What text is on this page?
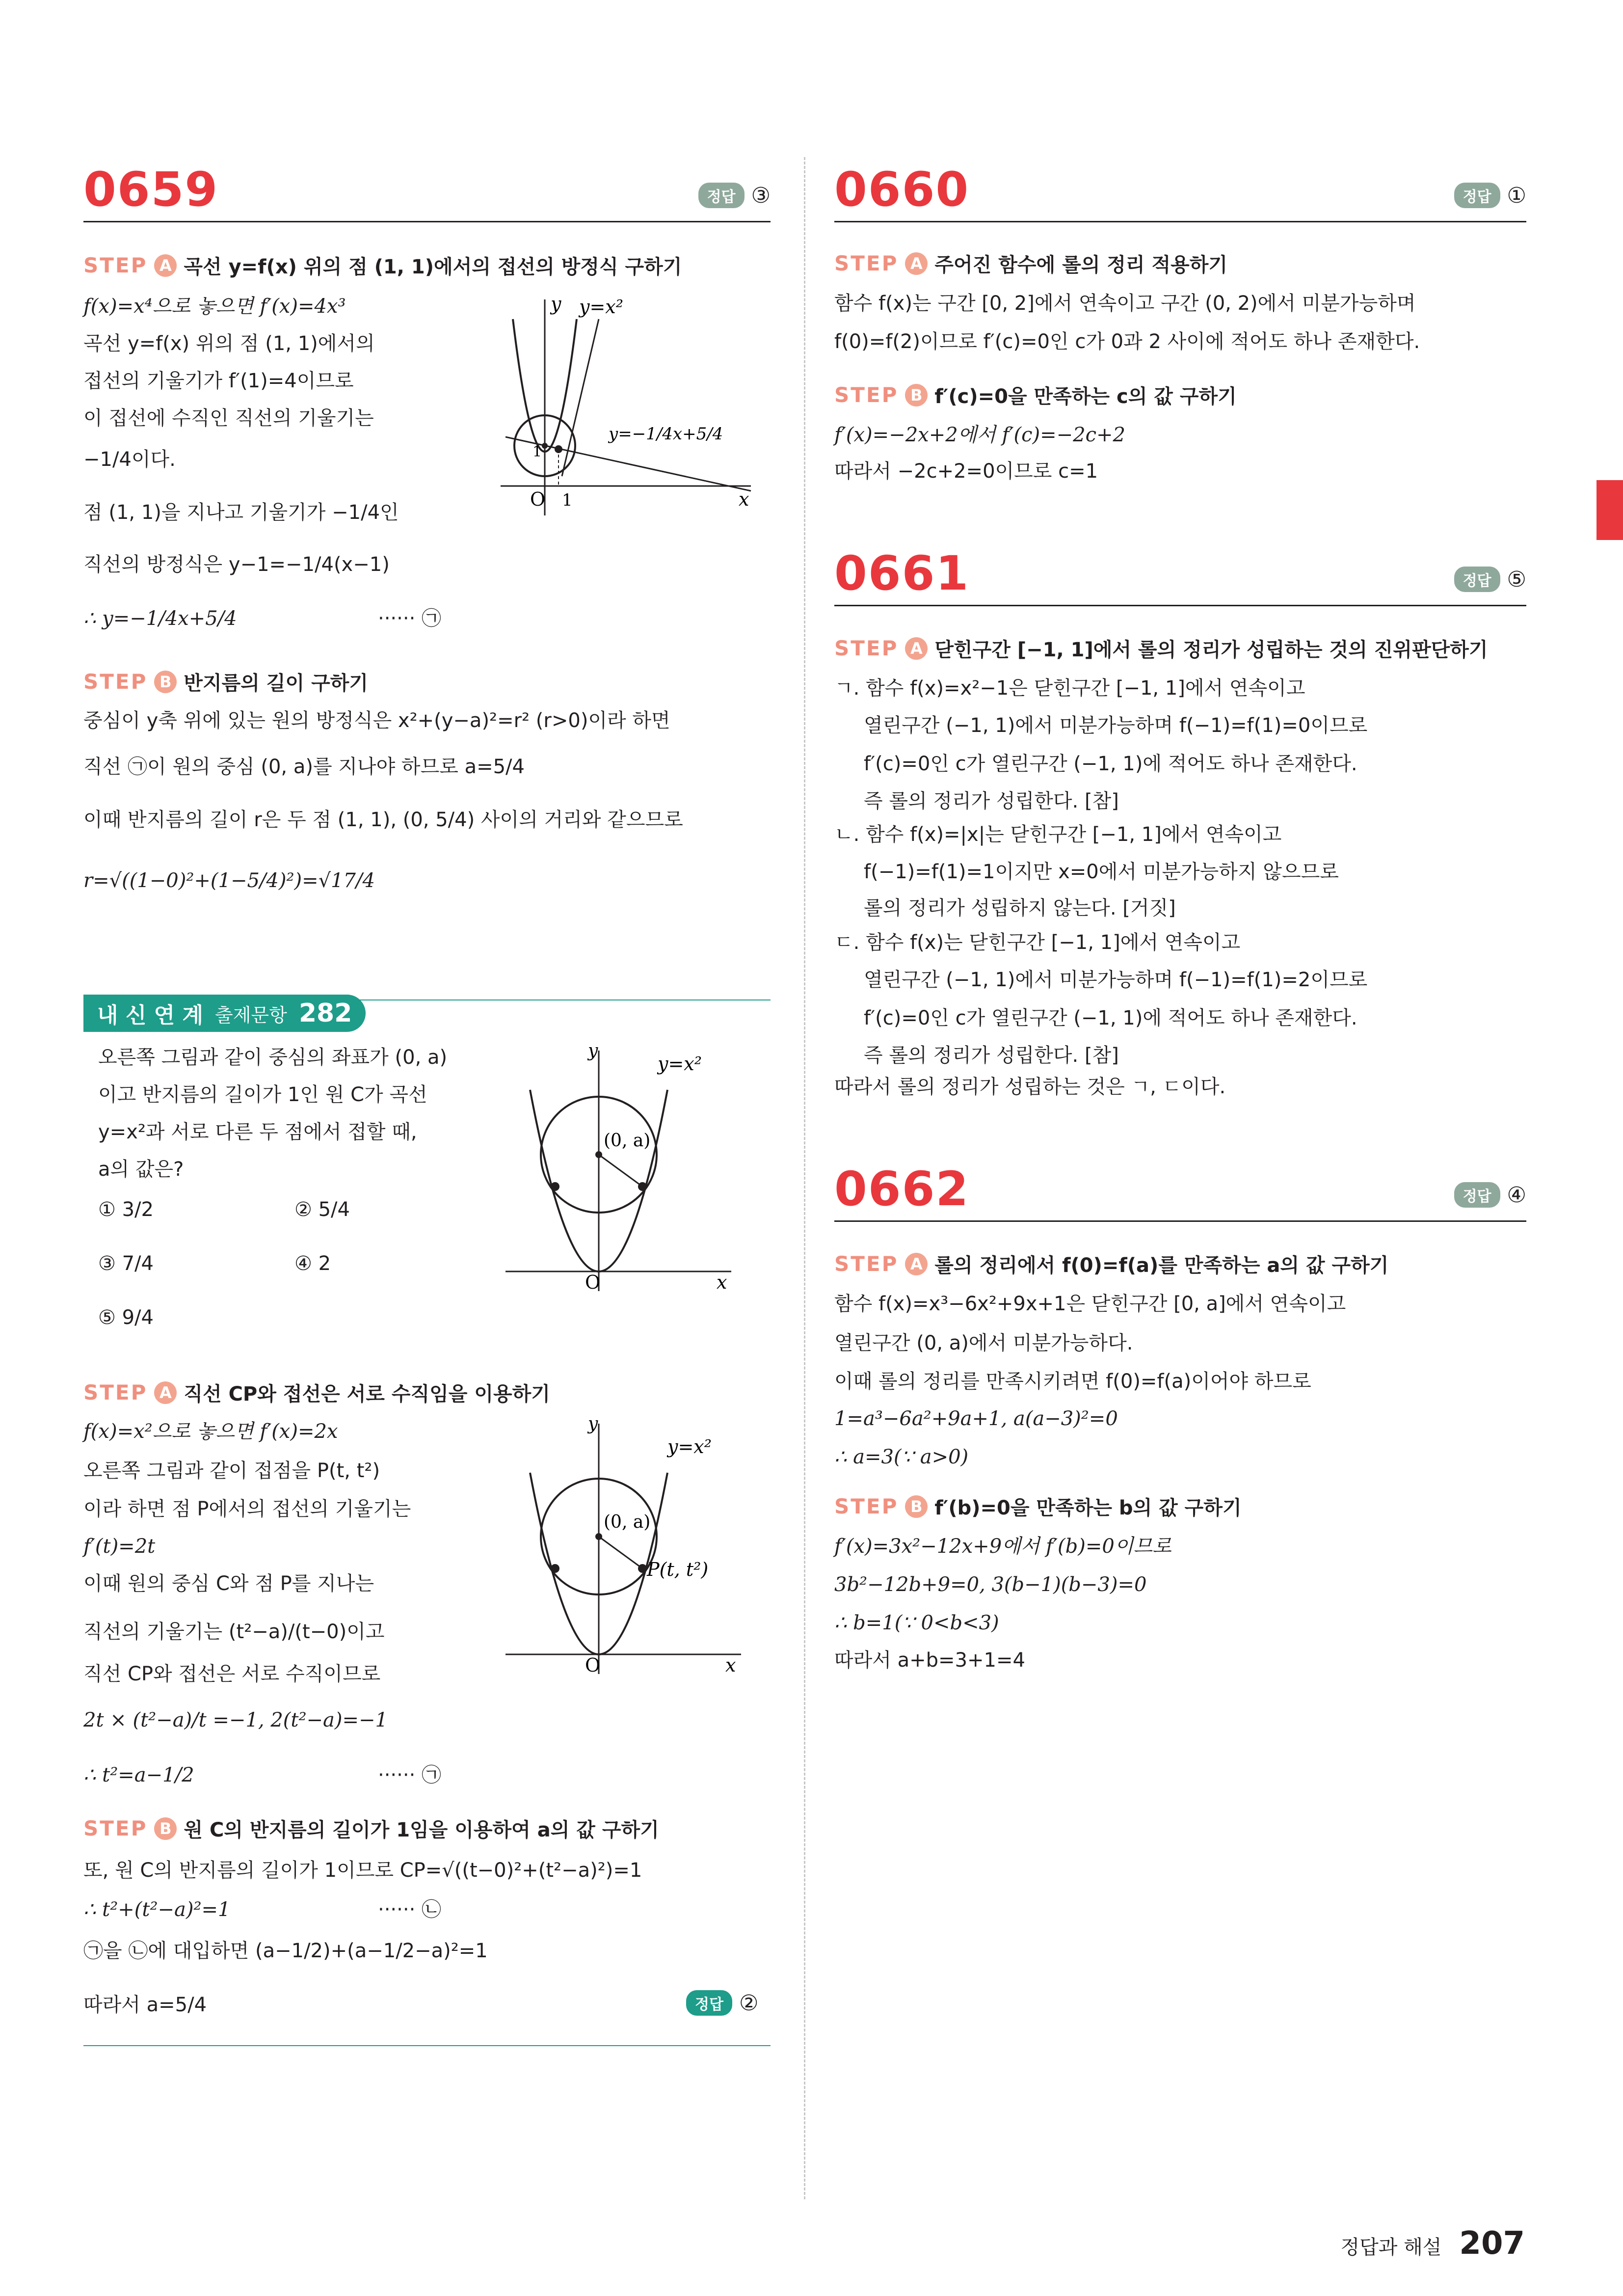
0659	정답 ③
STEP A 곡선 y=f(x) 위의 점 (1, 1)에서의 접선의 방정식 구하기
f(x)=x⁴으로 놓으면 f′(x)=4x³
곡선 y=f(x) 위의 점 (1, 1)에서의
접선의 기울기가 f′(1)=4이므로
이 접선에 수직인 직선의 기울기는
−1/4이다.
점 (1, 1)을 지나고 기울기가 −1/4인
직선의 방정식은 y−1=−1/4(x−1)
∴ y=−1/4x+5/4	······ ㉠
y y=x²
y=−1/4x+5/4
x
O 1
1
STEP B 반지름의 길이 구하기
중심이 y축 위에 있는 원의 방정식은 x²+(y−a)²=r² (r>0)이라 하면
직선 ㉠이 원의 중심 (0, a)를 지나야 하므로 a=5/4
이때 반지름의 길이 r은 두 점 (1, 1), (0, 5/4) 사이의 거리와 같으므로
r=√((1−0)²+(1−5/4)²)=√17/4
내 신 연 계 출제문항 282
오른쪽 그림과 같이 중심의 좌표가 (0, a)
이고 반지름의 길이가 1인 원 C가 곡선
y=x²과 서로 다른 두 점에서 접할 때,
a의 값은?
① 3/2	② 5/4
③ 7/4	④ 2
⑤ 9/4
y
y=x²
(0, a)
x
O
STEP A 직선 CP와 접선은 서로 수직임을 이용하기
f(x)=x²으로 놓으면 f′(x)=2x
오른쪽 그림과 같이 접점을 P(t, t²)
이라 하면 점 P에서의 접선의 기울기는
f′(t)=2t
이때 원의 중심 C와 점 P를 지나는
직선의 기울기는 (t²−a)/(t−0)이고
직선 CP와 접선은 서로 수직이므로
2t × (t²−a)/t =−1, 2(t²−a)=−1
∴ t²=a−1/2	······ ㉠
y
y=x²
(0, a)
P(t, t²)
x
O
STEP B 원 C의 반지름의 길이가 1임을 이용하여 a의 값 구하기
또, 원 C의 반지름의 길이가 1이므로 CP=√((t−0)²+(t²−a)²)=1
∴ t²+(t²−a)²=1	······ ㉡
㉠을 ㉡에 대입하면 (a−1/2)+(a−1/2−a)²=1
따라서 a=5/4	정답 ②
0660	정답 ①
STEP A 주어진 함수에 롤의 정리 적용하기
함수 f(x)는 구간 [0, 2]에서 연속이고 구간 (0, 2)에서 미분가능하며
f(0)=f(2)이므로 f′(c)=0인 c가 0과 2 사이에 적어도 하나 존재한다.
STEP B f′(c)=0을 만족하는 c의 값 구하기
f′(x)=−2x+2에서 f′(c)=−2c+2
따라서 −2c+2=0이므로 c=1
0661	정답 ⑤
STEP A 닫힌구간 [−1, 1]에서 롤의 정리가 성립하는 것의 진위판단하기
ㄱ. 함수 f(x)=x²−1은 닫힌구간 [−1, 1]에서 연속이고
열린구간 (−1, 1)에서 미분가능하며 f(−1)=f(1)=0이므로
f′(c)=0인 c가 열린구간 (−1, 1)에 적어도 하나 존재한다.
즉 롤의 정리가 성립한다. [참]
ㄴ. 함수 f(x)=|x|는 닫힌구간 [−1, 1]에서 연속이고
f(−1)=f(1)=1이지만 x=0에서 미분가능하지 않으므로
롤의 정리가 성립하지 않는다. [거짓]
ㄷ. 함수 f(x)는 닫힌구간 [−1, 1]에서 연속이고
열린구간 (−1, 1)에서 미분가능하며 f(−1)=f(1)=2이므로
f′(c)=0인 c가 열린구간 (−1, 1)에 적어도 하나 존재한다.
즉 롤의 정리가 성립한다. [참]
따라서 롤의 정리가 성립하는 것은 ㄱ, ㄷ이다.
0662	정답 ④
STEP A 롤의 정리에서 f(0)=f(a)를 만족하는 a의 값 구하기
함수 f(x)=x³−6x²+9x+1은 닫힌구간 [0, a]에서 연속이고
열린구간 (0, a)에서 미분가능하다.
이때 롤의 정리를 만족시키려면 f(0)=f(a)이어야 하므로
1=a³−6a²+9a+1, a(a−3)²=0
∴ a=3(∵ a>0)
STEP B f′(b)=0을 만족하는 b의 값 구하기
f′(x)=3x²−12x+9에서 f′(b)=0이므로
3b²−12b+9=0, 3(b−1)(b−3)=0
∴ b=1(∵ 0<b<3)
따라서 a+b=3+1=4
정답과 해설 207
